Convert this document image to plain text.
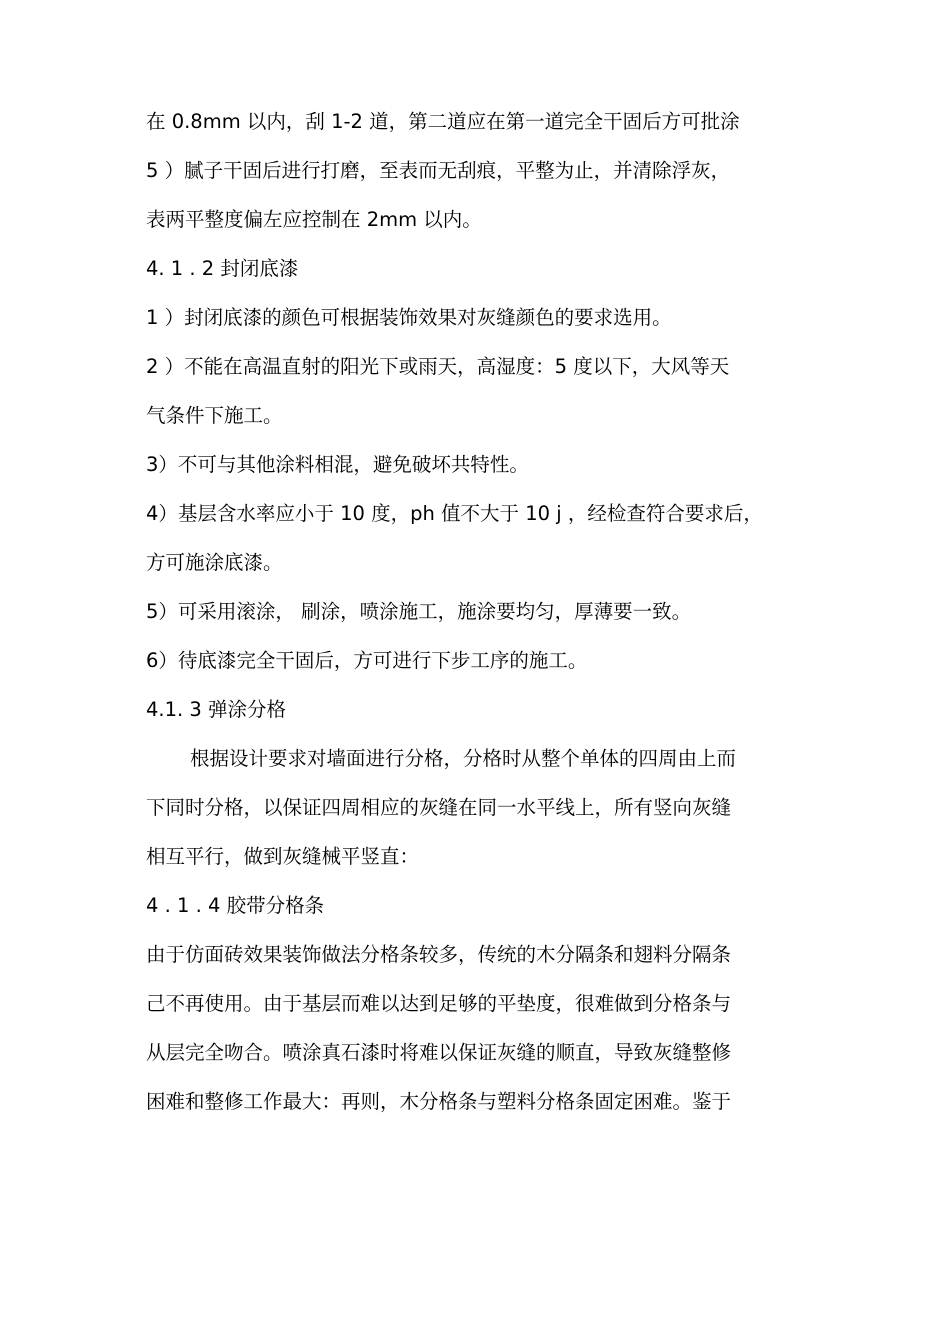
在 0.8mm 以内，刮 1-2 道，第二道应在第一道完全干固后方可批涂
5 ）腻子干固后进行打磨，至表而无刮痕，平整为止，并清除浮灰，
表两平整度偏左应控制在 2mm 以内。
4. 1 . 2 封闭底漆
1 ）封闭底漆的颜色可根据装饰效果对灰缝颜色的要求选用。
2 ）不能在高温直射的阳光下或雨天，高湿度：5 度以下，大风等天
气条件下施工。
3）不可与其他涂料相混，避免破坏共特性。
4）基层含水率应小于 10 度，ph 值不大于 10 j ，经检查符合要求后，
方可施涂底漆。
5）可采用滚涂， 刷涂，喷涂施工，施涂要均匀，厚薄要一致。
6）待底漆完全干固后，方可进行下步工序的施工。
4.1. 3 弹涂分格
根据设计要求对墙面进行分格，分格时从整个单体的四周由上而
下同时分格，以保证四周相应的灰缝在同一水平线上，所有竖向灰缝
相互平行，做到灰缝械平竖直：
4 . 1 . 4 胶带分格条
由于仿面砖效果装饰做法分格条较多，传统的木分隔条和翅料分隔条
己不再使用。由于基层而难以达到足够的平垫度，很难做到分格条与
从层完全吻合。喷涂真石漆时将难以保证灰缝的顺直，导致灰缝整修
困难和整修工作最大：再则，木分格条与塑料分格条固定困难。鉴于
